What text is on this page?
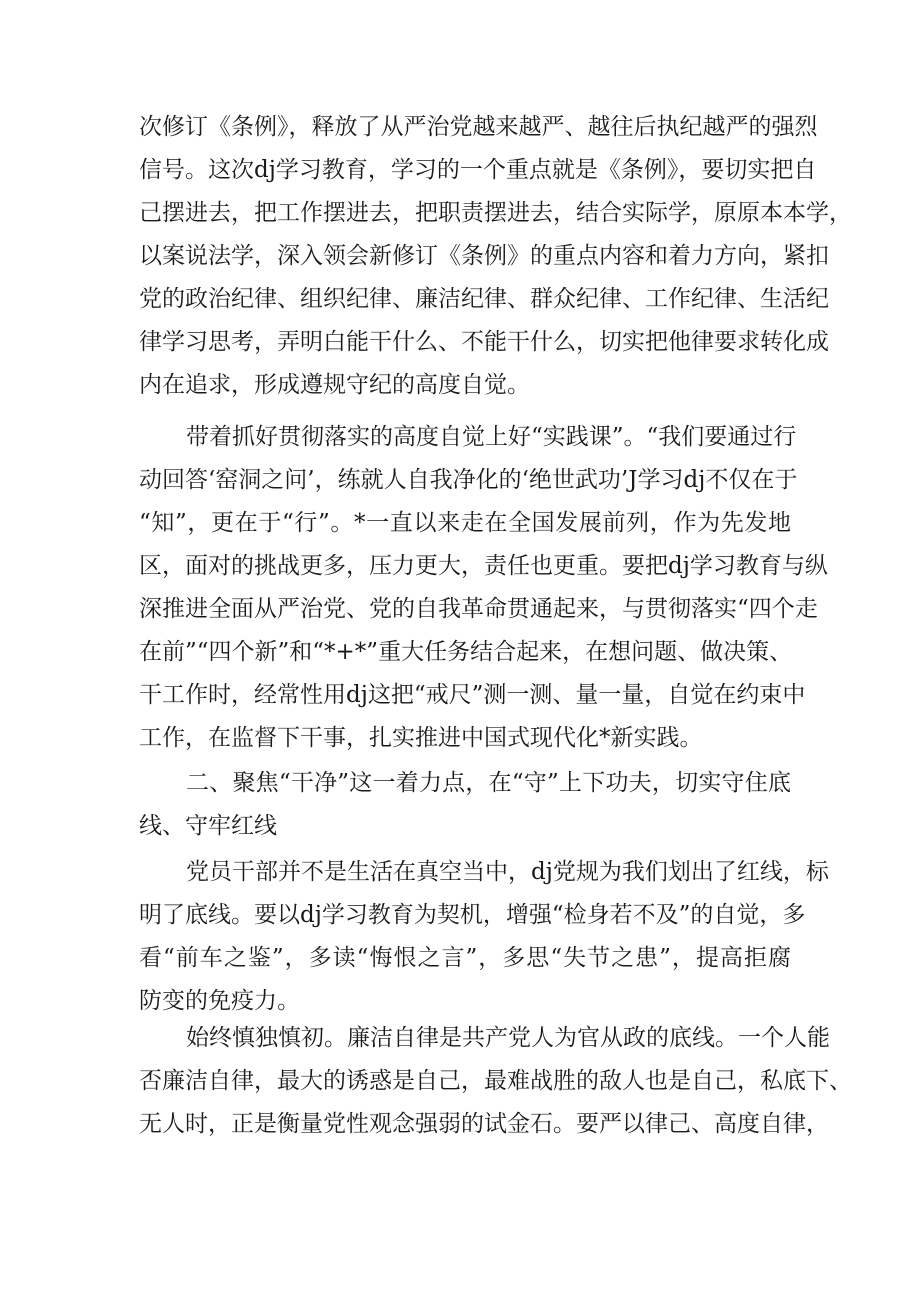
次修订《条例》，释放了从严治党越来越严、越往后执纪越严的强烈
信号。这次dj学习教育，学习的一个重点就是《条例》，要切实把自
己摆进去，把工作摆进去，把职责摆进去，结合实际学，原原本本学，
以案说法学，深入领会新修订《条例》的重点内容和着力方向，紧扣
党的政治纪律、组织纪律、廉洁纪律、群众纪律、工作纪律、生活纪
律学习思考，弄明白能干什么、不能干什么，切实把他律要求转化成
内在追求，形成遵规守纪的高度自觉。
带着抓好贯彻落实的高度自觉上好“实践课”。“我们要通过行
动回答‘窑洞之问’，练就人自我净化的‘绝世武功’J学习dj不仅在于
“知”，更在于“行”。*一直以来走在全国发展前列，作为先发地
区，面对的挑战更多，压力更大，责任也更重。要把dj学习教育与纵
深推进全面从严治党、党的自我革命贯通起来，与贯彻落实“四个走
在前”“四个新”和“*+*”重大任务结合起来，在想问题、做决策、
干工作时，经常性用dj这把“戒尺”测一测、量一量，自觉在约束中
工作，在监督下干事，扎实推进中国式现代化*新实践。
二、聚焦“干净”这一着力点，在“守”上下功夫，切实守住底
线、守牢红线
党员干部并不是生活在真空当中，dj党规为我们划出了红线，标
明了底线。要以dj学习教育为契机，增强“检身若不及”的自觉，多
看“前车之鉴”，多读“悔恨之言”，多思“失节之患”，提高拒腐
防变的免疫力。
始终慎独慎初。廉洁自律是共产党人为官从政的底线。一个人能
否廉洁自律，最大的诱惑是自己，最难战胜的敌人也是自己，私底下、
无人时，正是衡量党性观念强弱的试金石。要严以律己、高度自律，
